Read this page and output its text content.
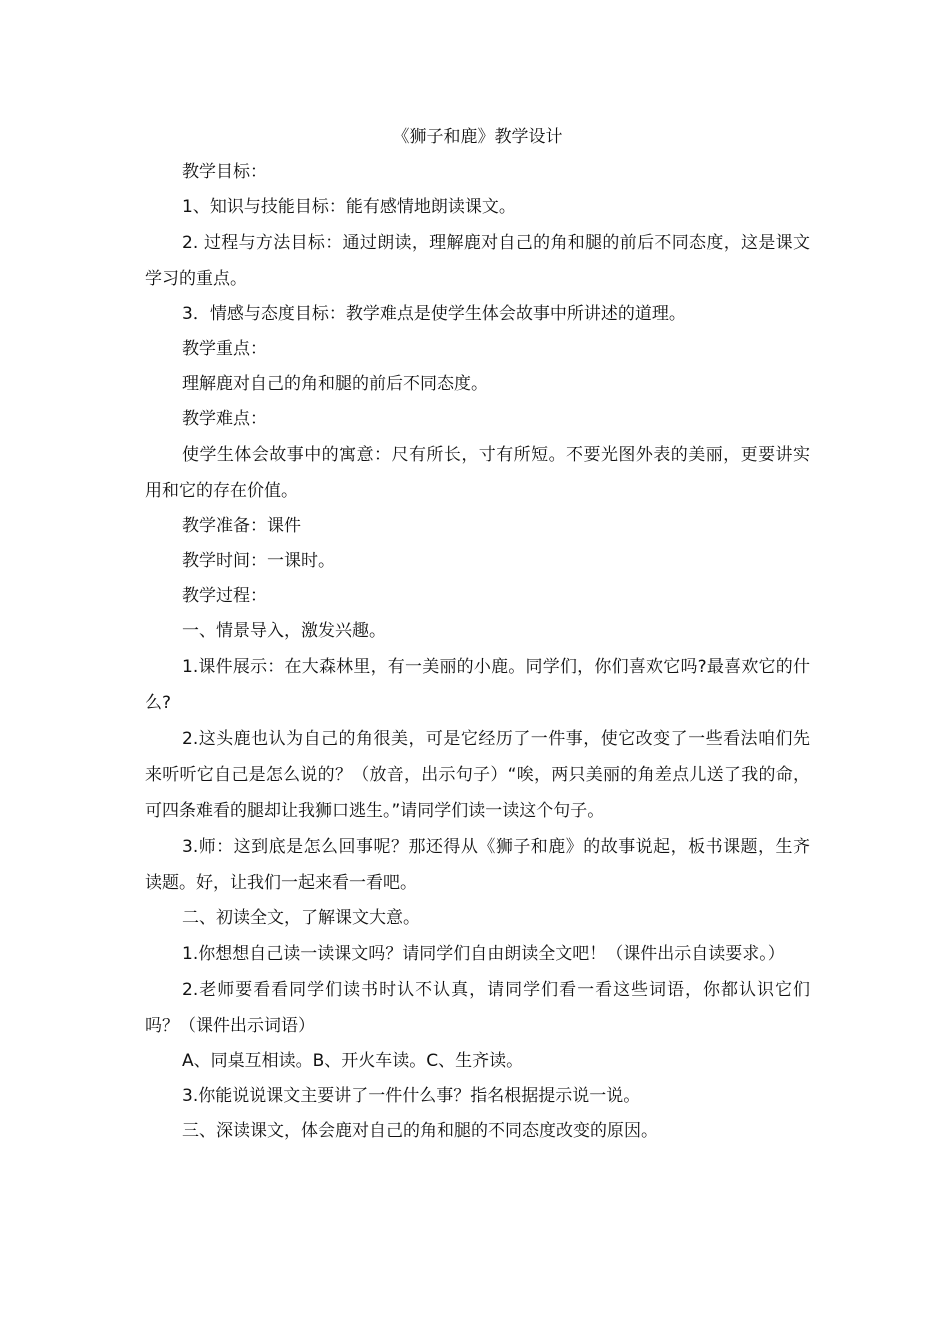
《狮子和鹿》教学设计

教学目标：

1、知识与技能目标：能有感情地朗读课文。

2. 过程与方法目标：通过朗读，理解鹿对自己的角和腿的前后不同态度，这是课文学习的重点。

3．情感与态度目标：教学难点是使学生体会故事中所讲述的道理。

教学重点：

理解鹿对自己的角和腿的前后不同态度。

教学难点：

使学生体会故事中的寓意：尺有所长，寸有所短。不要光图外表的美丽，更要讲实用和它的存在价值。

教学准备：课件

教学时间：一课时。

教学过程：

一、情景导入，激发兴趣。

1.课件展示：在大森林里，有一美丽的小鹿。同学们，你们喜欢它吗?最喜欢它的什么?

2.这头鹿也认为自己的角很美，可是它经历了一件事，使它改变了一些看法咱们先来听听它自己是怎么说的？（放音，出示句子）“唉，两只美丽的角差点儿送了我的命，可四条难看的腿却让我狮口逃生。”请同学们读一读这个句子。

3.师：这到底是怎么回事呢？那还得从《狮子和鹿》的故事说起，板书课题，生齐读题。好，让我们一起来看一看吧。

二、初读全文，了解课文大意。

1.你想想自己读一读课文吗？请同学们自由朗读全文吧！（课件出示自读要求。）

2.老师要看看同学们读书时认不认真，请同学们看一看这些词语，你都认识它们吗？（课件出示词语）

A、同桌互相读。B、开火车读。C、生齐读。

3.你能说说课文主要讲了一件什么事？指名根据提示说一说。

三、深读课文，体会鹿对自己的角和腿的不同态度改变的原因。
